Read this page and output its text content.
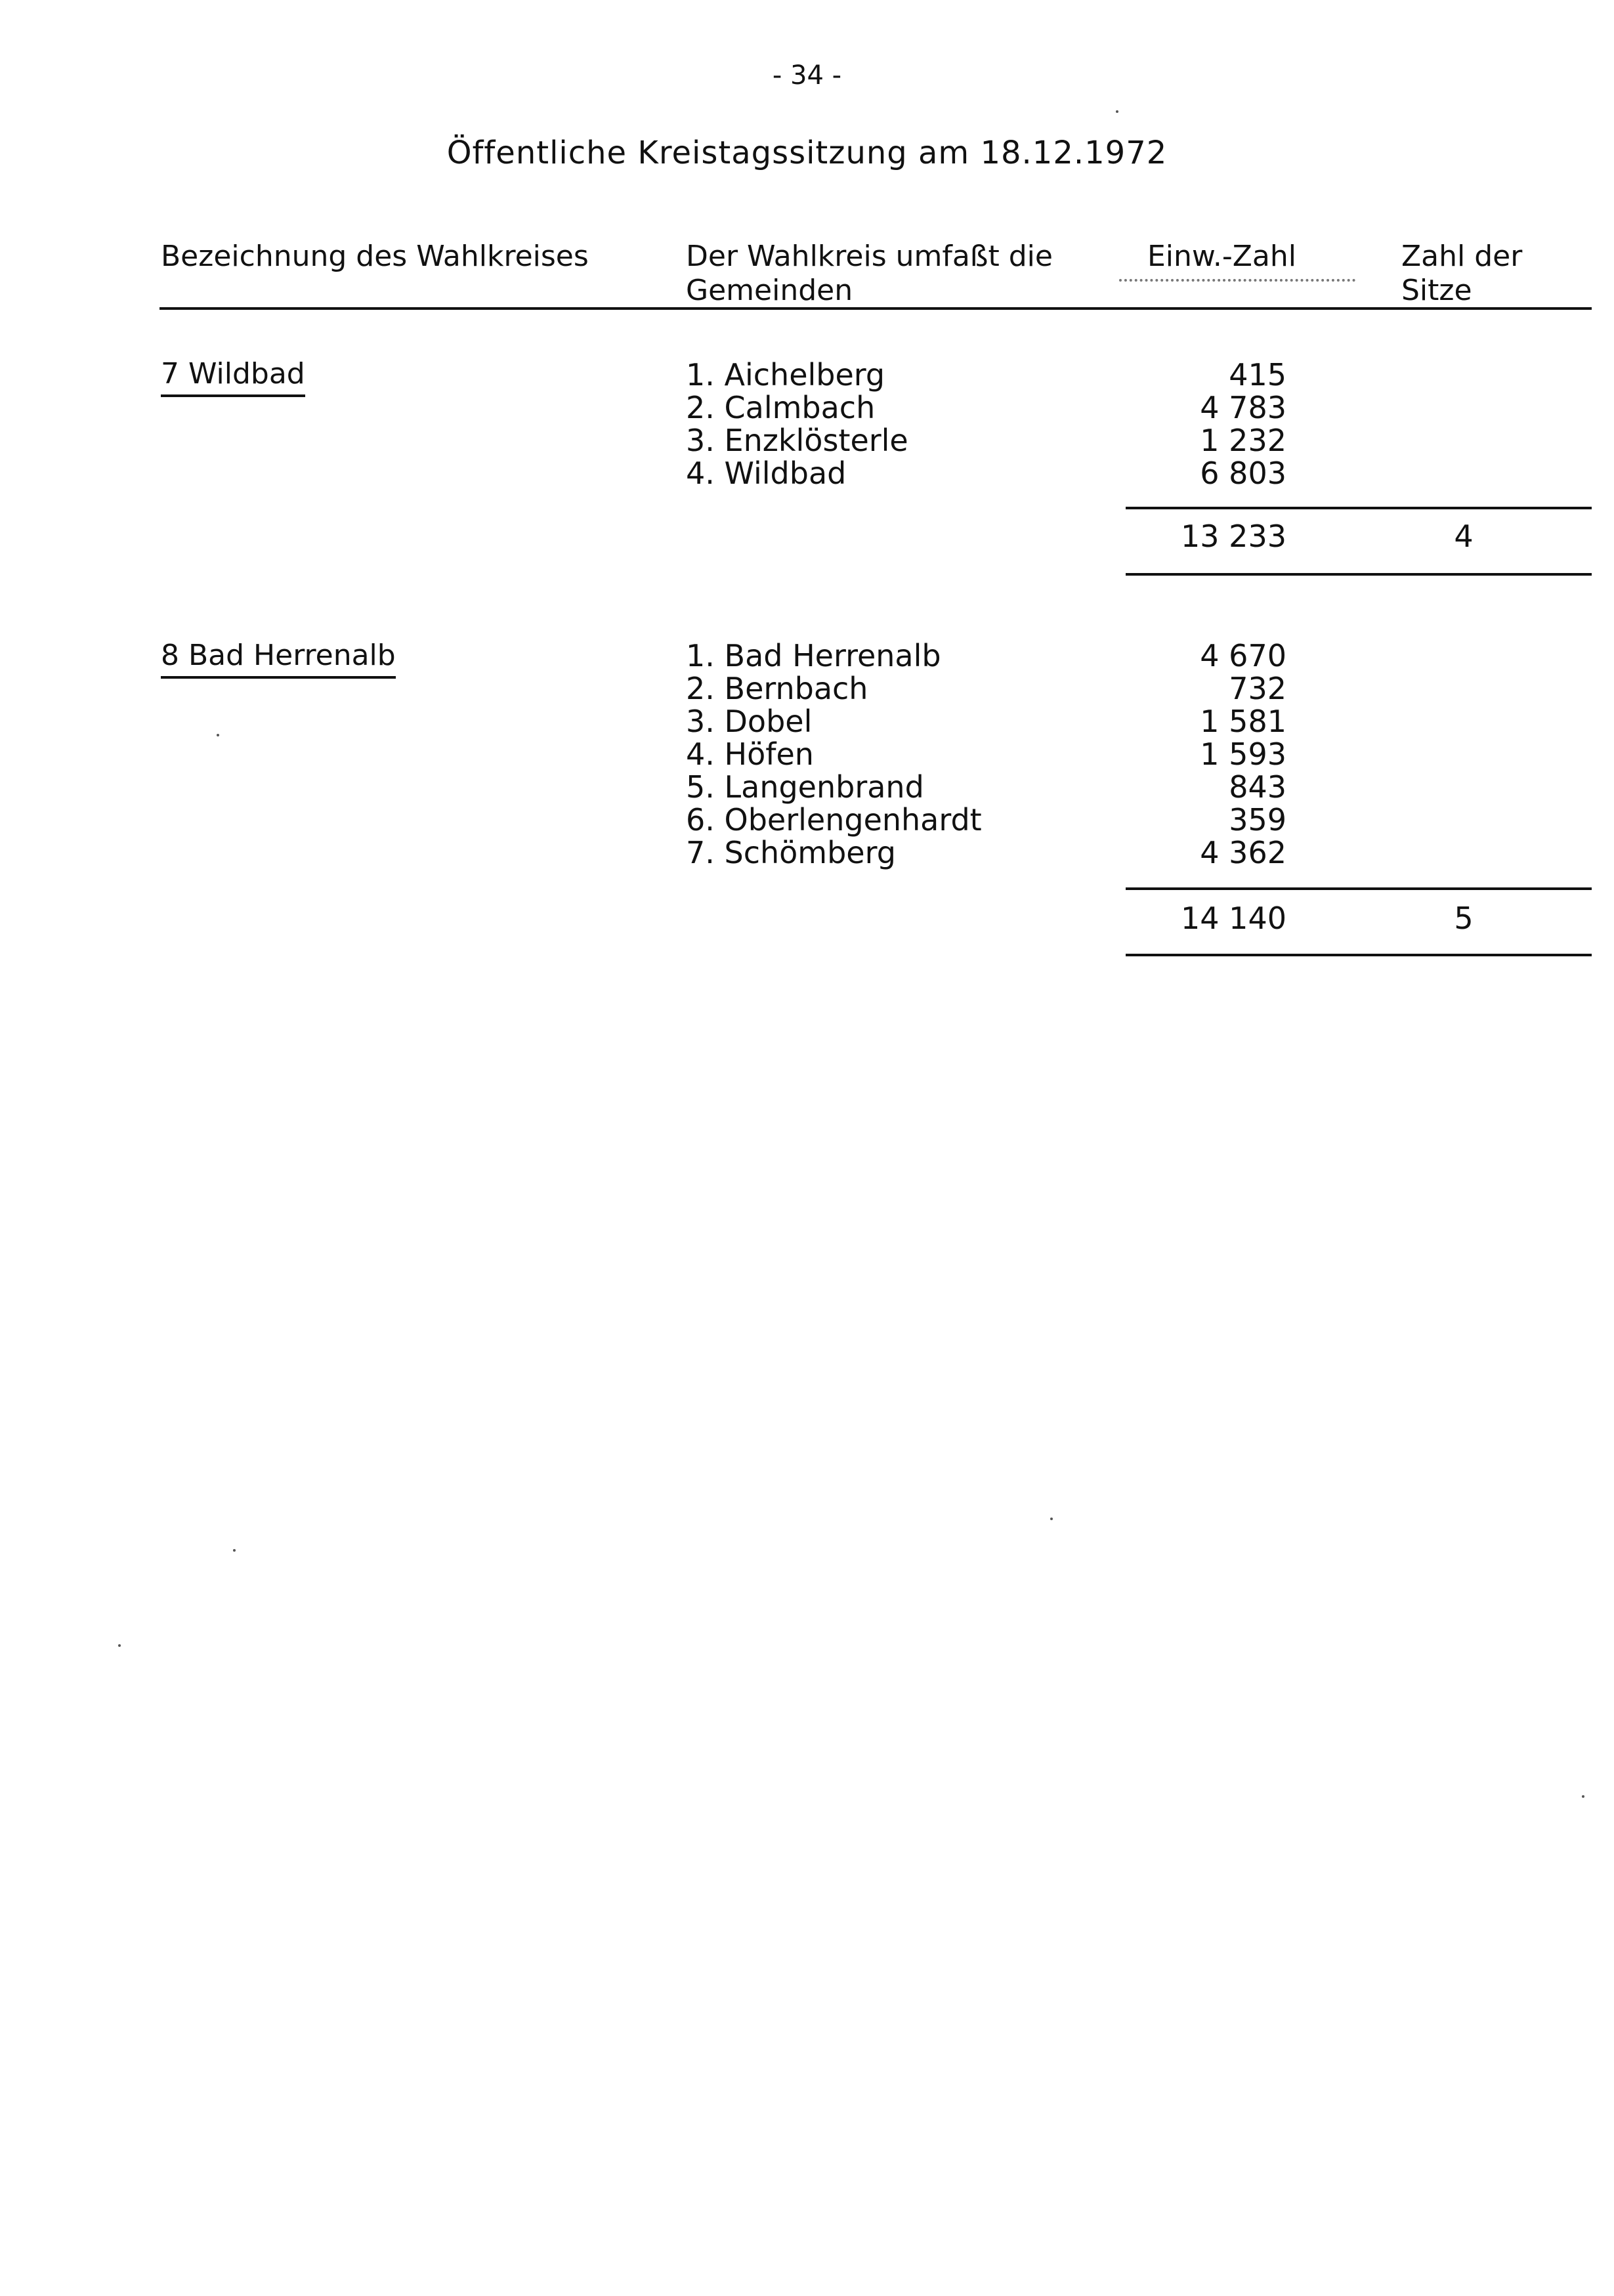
- 34 -
Öffentliche Kreistagssitzung am 18.12.1972
Bezeichnung des Wahlkreises	Der Wahlkreis umfaßt die
Gemeinden
Einw.-Zahl	Zahl der
Sitze
7 Wildbad	1. Aichelberg	415
2. Calmbach	4 783
3. Enzklösterle	1 232
4. Wildbad	6 803
13 233	4
8 Bad Herrenalb	1. Bad Herrenalb	4 670
2. Bernbach	732
3. Dobel	1 581
4. Höfen	1 593
5. Langenbrand	843
6. Oberlengenhardt	359
7. Schömberg	4 362
14 140	5
